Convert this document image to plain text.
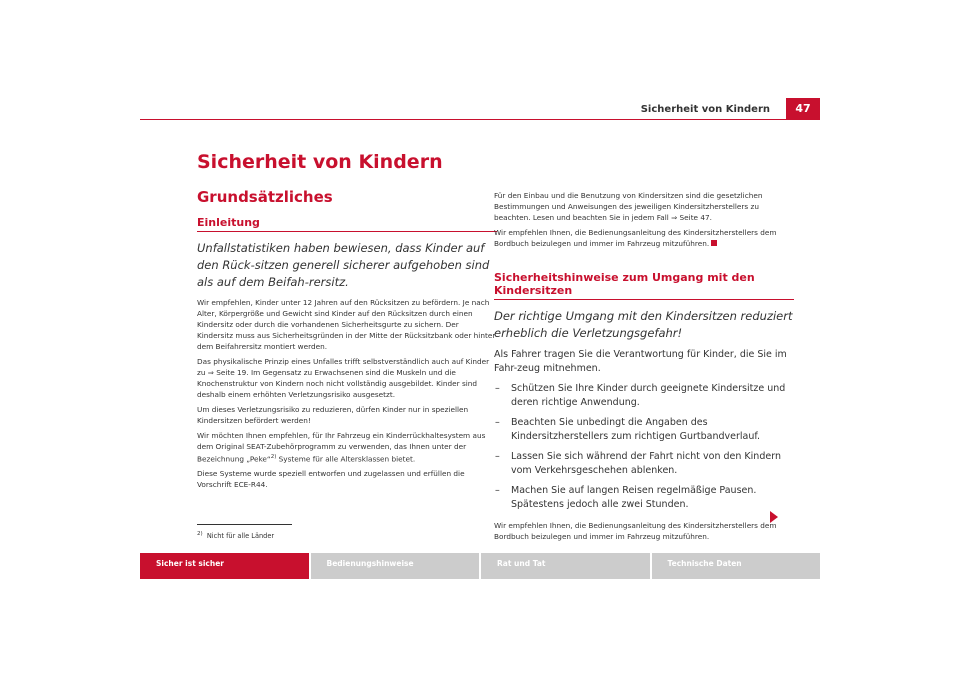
Sicherheit von Kindern	47
Sicherheit von Kindern
Grundsätzliches
Einleitung
Unfallstatistiken haben bewiesen, dass Kinder auf den Rück-sitzen generell sicherer aufgehoben sind als auf dem Beifah-rersitz.

Wir empfehlen, Kinder unter 12 Jahren auf den Rücksitzen zu befördern. Je nach Alter, Körpergröße und Gewicht sind Kinder auf den Rücksitzen durch einen Kindersitz oder durch die vorhandenen Sicherheitsgurte zu sichern. Der Kindersitz muss aus Sicherheitsgründen in der Mitte der Rücksitzbank oder hinter dem Beifahrersitz montiert werden.

Das physikalische Prinzip eines Unfalles trifft selbstverständlich auch auf Kinder zu ⇒ Seite 19. Im Gegensatz zu Erwachsenen sind die Muskeln und die Knochenstruktur von Kindern noch nicht vollständig ausgebildet. Kinder sind deshalb einem erhöhten Verletzungsrisiko ausgesetzt.

Um dieses Verletzungsrisiko zu reduzieren, dürfen Kinder nur in speziellen Kindersitzen befördert werden!

Wir möchten Ihnen empfehlen, für Ihr Fahrzeug ein Kinderrückhaltesystem aus dem Original SEAT-Zubehörprogramm zu verwenden, das Ihnen unter der Bezeichnung „Peke“$^{2)}$ Systeme für alle Altersklassen bietet.

Diese Systeme wurde speziell entworfen und zugelassen und erfüllen die Vorschrift ECE-R44.

$^{2)}$ Nicht für alle Länder

Für den Einbau und die Benutzung von Kindersitzen sind die gesetzlichen Bestimmungen und Anweisungen des jeweiligen Kindersitzherstellers zu beachten. Lesen und beachten Sie in jedem Fall ⇒ Seite 47.

Wir empfehlen Ihnen, die Bedienungsanleitung des Kindersitzherstellers dem Bordbuch beizulegen und immer im Fahrzeug mitzuführen.

Sicherheitshinweise zum Umgang mit den Kindersitzen
Der richtige Umgang mit den Kindersitzen reduziert erheblich die Verletzungsgefahr!

Als Fahrer tragen Sie die Verantwortung für Kinder, die Sie im Fahr-zeug mitnehmen.

– Schützen Sie Ihre Kinder durch geeignete Kindersitze und deren richtige Anwendung.
– Beachten Sie unbedingt die Angaben des Kindersitzherstellers zum richtigen Gurtbandverlauf.
– Lassen Sie sich während der Fahrt nicht von den Kindern vom Verkehrsgeschehen ablenken.
– Machen Sie auf langen Reisen regelmäßige Pausen. Spätestens jedoch alle zwei Stunden.

Wir empfehlen Ihnen, die Bedienungsanleitung des Kindersitzherstellers dem Bordbuch beizulegen und immer im Fahrzeug mitzuführen.

Sicher ist sicher	Bedienungshinweise	Rat und Tat	Technische Daten
